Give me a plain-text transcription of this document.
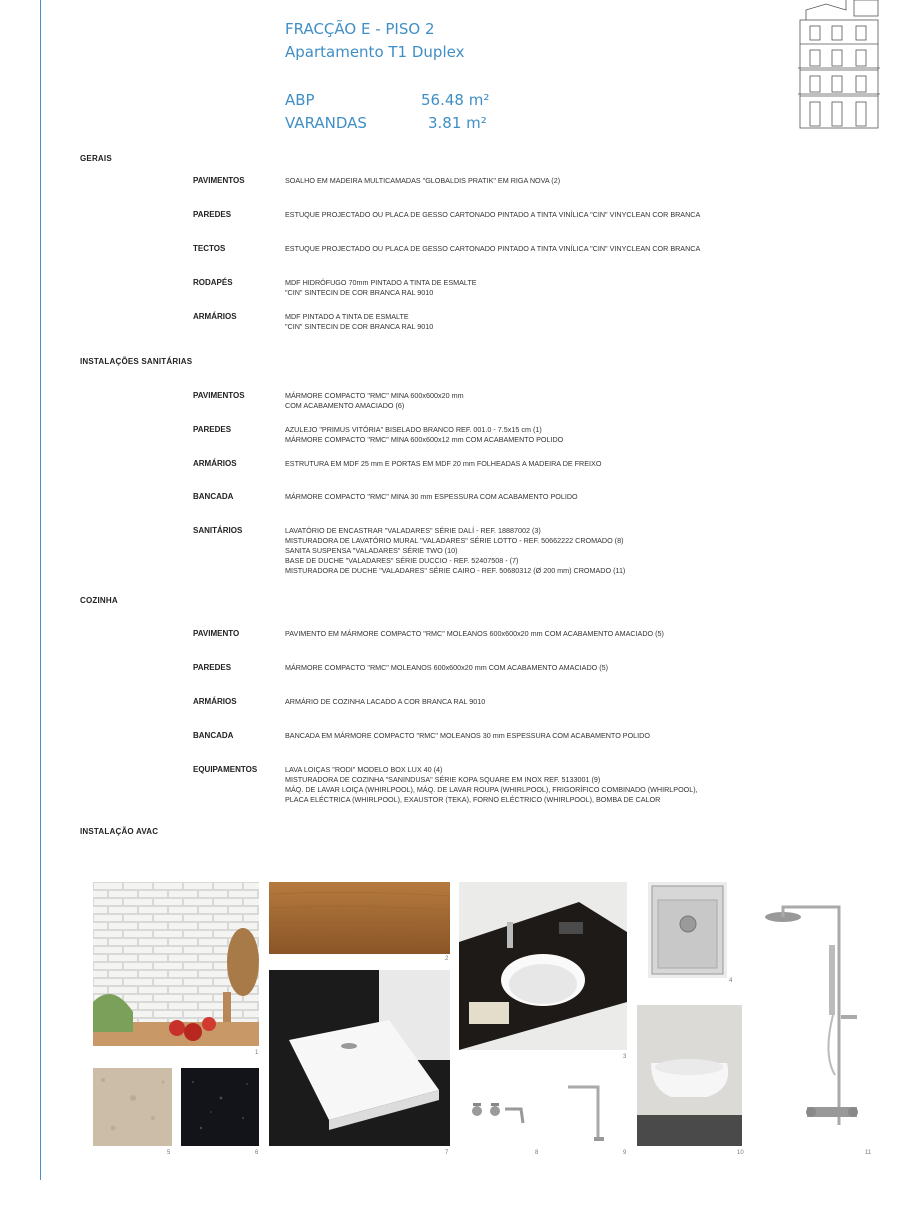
FRACÇÃO E - PISO 2
Apartamento T1 Duplex
ABP	56.48 m²
VARANDAS	3.81 m²
GERAIS
PAVIMENTOS	SOALHO EM MADEIRA MULTICAMADAS "GLOBALDIS PRATIK" EM RIGA NOVA (2)
PAREDES	ESTUQUE PROJECTADO OU PLACA DE GESSO CARTONADO PINTADO A TINTA VINÍLICA "CIN" VINYCLEAN COR BRANCA
TECTOS	ESTUQUE PROJECTADO OU PLACA DE GESSO CARTONADO PINTADO A TINTA VINÍLICA "CIN" VINYCLEAN COR BRANCA
RODAPÉS	MDF HIDRÓFUGO 70mm PINTADO A TINTA DE ESMALTE
"CIN" SINTECIN DE COR BRANCA RAL 9010
ARMÁRIOS	MDF PINTADO A TINTA DE ESMALTE
"CIN" SINTECIN DE COR BRANCA RAL 9010
INSTALAÇÕES SANITÁRIAS
PAVIMENTOS	MÁRMORE COMPACTO "RMC" MINA 600x600x20 mm
COM ACABAMENTO AMACIADO (6)
PAREDES	AZULEJO "PRIMUS VITÓRIA" BISELADO BRANCO REF. 001.0 - 7.5x15 cm (1)
MÁRMORE COMPACTO "RMC" MINA 600x600x12 mm COM ACABAMENTO POLIDO
ARMÁRIOS	ESTRUTURA EM MDF 25 mm E PORTAS EM MDF 20 mm FOLHEADAS A MADEIRA DE FREIXO
BANCADA	MÁRMORE COMPACTO "RMC" MINA 30 mm ESPESSURA COM ACABAMENTO POLIDO
SANITÁRIOS	LAVATÓRIO DE ENCASTRAR "VALADARES" SÉRIE DALÍ - REF. 18887002 (3)
MISTURADORA DE LAVATÓRIO MURAL "VALADARES" SÉRIE LOTTO - REF. 50662222 CROMADO (8)
SANITA SUSPENSA "VALADARES" SÉRIE TWO (10)
BASE DE DUCHE "VALADARES" SÉRIE DUCCIO - REF. 52407508 - (7)
MISTURADORA DE DUCHE "VALADARES" SÉRIE CAIRO - REF. 50680312 (Ø 200 mm) CROMADO (11)
COZINHA
PAVIMENTO	PAVIMENTO EM MÁRMORE COMPACTO "RMC" MOLEANOS 600x600x20 mm COM ACABAMENTO AMACIADO (5)
PAREDES	MÁRMORE COMPACTO "RMC" MOLEANOS 600x600x20 mm COM ACABAMENTO AMACIADO (5)
ARMÁRIOS	ARMÁRIO DE COZINHA LACADO A COR BRANCA RAL 9010
BANCADA	BANCADA EM MÁRMORE COMPACTO "RMC" MOLEANOS 30 mm ESPESSURA COM ACABAMENTO POLIDO
EQUIPAMENTOS	LAVA LOIÇAS "RODI" MODELO BOX LUX 40 (4)
MISTURADORA DE COZINHA "SANINDUSA" SÉRIE KOPA SQUARE EM INOX REF. 5133001 (9)
MÁQ. DE LAVAR LOIÇA (WHIRLPOOL), MÁQ. DE LAVAR ROUPA (WHIRLPOOL), FRIGORÍFICO COMBINADO (WHIRLPOOL),
PLACA ELÉCTRICA (WHIRLPOOL), EXAUSTOR (TEKA), FORNO ELÉCTRICO (WHIRLPOOL), BOMBA DE CALOR
INSTALAÇÃO AVAC
1
2
3
4
11
7
5	6	8	9	10
